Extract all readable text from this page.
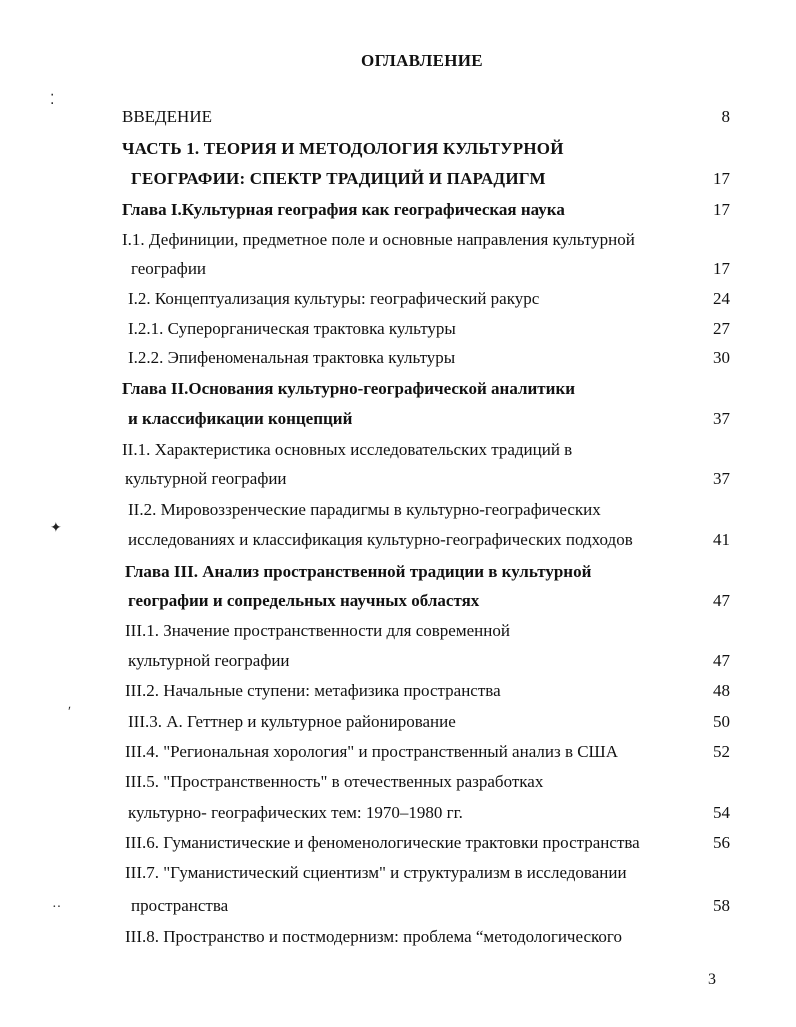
ОГЛАВЛЕНИЕ
ВВЕДЕНИЕ	8
ЧАСТЬ 1. ТЕОРИЯ И МЕТОДОЛОГИЯ КУЛЬТУРНОЙ
ГЕОГРАФИИ: СПЕКТР ТРАДИЦИЙ И ПАРАДИГМ	17
Глава I.Культурная география как географическая наука	17
I.1. Дефиниции, предметное поле и основные направления культурной
географии	17
I.2. Концептуализация культуры: географический ракурс	24
I.2.1. Суперорганическая трактовка культуры	27
I.2.2. Эпифеноменальная трактовка культуры	30
Глава II.Основания культурно-географической аналитики
и классификации концепций	37
II.1. Характеристика основных исследовательских традиций в
культурной географии	37
II.2. Мировоззренческие парадигмы в культурно-географических
исследованиях и классификация культурно-географических подходов	41
Глава III. Анализ пространственной традиции в культурной
географии и сопредельных научных областях	47
III.1. Значение пространственности для современной
культурной географии	47
III.2. Начальные ступени: метафизика пространства	48
III.3. А. Геттнер и культурное районирование	50
III.4. "Региональная хорология" и пространственный анализ в США	52
III.5. "Пространственность" в отечественных разработках
культурно- географических тем: 1970–1980 гг.	54
III.6. Гуманистические и феноменологические трактовки пространства	56
III.7. "Гуманистический сциентизм" и структурализм в исследовании
пространства	58
III.8. Пространство и постмодернизм: проблема “методологического
3
⁚
✦
··
ʹ
